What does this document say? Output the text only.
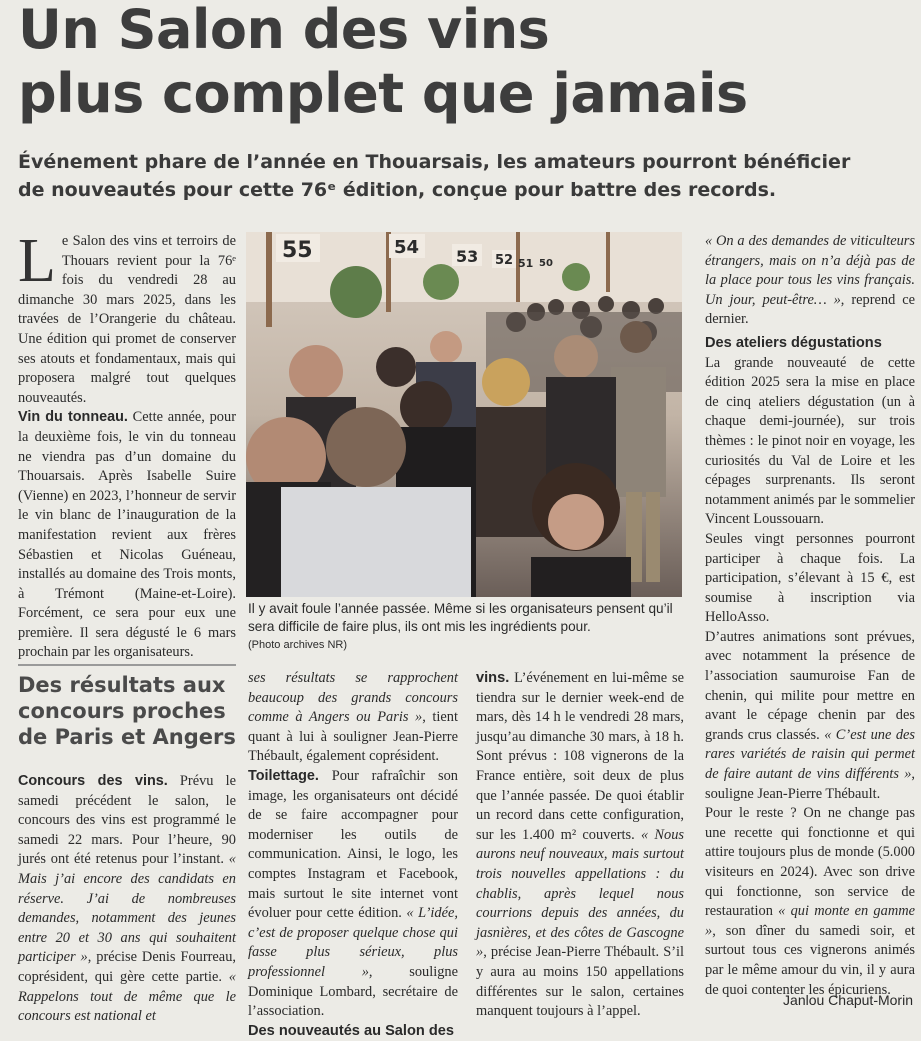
Un Salon des vins
plus complet que jamais
Événement phare de l’année en Thouarsais, les amateurs pourront bénéficier
de nouveautés pour cette 76ᵉ édition, conçue pour battre des records.

Le Salon des vins et terroirs de Thouars revient pour la 76ᵉ fois du vendredi 28 au dimanche 30 mars 2025, dans les travées de l’Orangerie du château. Une édition qui promet de conserver ses atouts et fondamentaux, mais qui proposera malgré tout quelques nouveautés.

Vin du tonneau. Cette année, pour la deuxième fois, le vin du tonneau ne viendra pas d’un domaine du Thouarsais. Après Isabelle Suire (Vienne) en 2023, l’honneur de servir le vin blanc de l’inauguration de la manifestation revient aux frères Sébastien et Nicolas Guéneau, installés au domaine des Trois monts, à Trémont (Maine-et-Loire). Forcément, ce sera pour eux une première. Il sera dégusté le 6 mars prochain par les organisateurs.

55	54 53 52 51 50
Il y avait foule l’année passée. Même si les organisateurs pensent qu’il sera difficile de faire plus, ils ont mis les ingrédients pour.
(Photo archives NR)
Des résultats aux concours proches de Paris et Angers

Concours des vins. Prévu le samedi précédent le salon, le concours des vins est programmé le samedi 22 mars. Pour l’heure, 90 jurés ont été retenus pour l’instant. « Mais j’ai encore des candidats en réserve. J’ai de nombreuses demandes, notamment des jeunes entre 20 et 30 ans qui souhaitent participer », précise Denis Fourreau, coprésident, qui gère cette partie. « Rappelons tout de même que le concours est national et

ses résultats se rapprochent beaucoup des grands concours comme à Angers ou Paris », tient quant à lui à souligner Jean-Pierre Thébault, également coprésident.

Toilettage. Pour rafraîchir son image, les organisateurs ont décidé de se faire accompagner pour moderniser les outils de communication. Ainsi, le logo, les comptes Instagram et Facebook, mais surtout le site internet vont évoluer pour cette édition. « L’idée, c’est de proposer quelque chose qui fasse plus sérieux, plus professionnel », souligne Dominique Lombard, secrétaire de l’association.

Des nouveautés au Salon des

vins. L’événement en lui-même se tiendra sur le dernier week-end de mars, dès 14 h le vendredi 28 mars, jusqu’au dimanche 30 mars, à 18 h. Sont prévus : 108 vignerons de la France entière, soit deux de plus que l’année passée. De quoi établir un record dans cette configuration, sur les 1.400 m² couverts. « Nous aurons neuf nouveaux, mais surtout trois nouvelles appellations : du chablis, après lequel nous courrions depuis des années, du jasnières, et des côtes de Gascogne », précise Jean-Pierre Thébault. S’il y aura au moins 150 appellations différentes sur le salon, certaines manquent toujours à l’appel.

« On a des demandes de viticulteurs étrangers, mais on n’a déjà pas de la place pour tous les vins français. Un jour, peut-être… », reprend ce dernier.

Des ateliers dégustations

La grande nouveauté de cette édition 2025 sera la mise en place de cinq ateliers dégustation (un à chaque demi-journée), sur trois thèmes : le pinot noir en voyage, les curiosités du Val de Loire et les cépages surprenants. Ils seront notamment animés par le sommelier Vincent Loussouarn.

Seules vingt personnes pourront participer à chaque fois. La participation, s’élevant à 15 €, est soumise à inscription via HelloAsso.

D’autres animations sont prévues, avec notamment la présence de l’association saumuroise Fan de chenin, qui milite pour mettre en avant le cépage chenin par des grands crus classés. « C’est une des rares variétés de raisin qui permet de faire autant de vins différents », souligne Jean-Pierre Thébault.

Pour le reste ? On ne change pas une recette qui fonctionne et qui attire toujours plus de monde (5.000 visiteurs en 2024). Avec son drive qui fonctionne, son service de restauration « qui monte en gamme », son dîner du samedi soir, et surtout tous ces vignerons animés par le même amour du vin, il y aura de quoi contenter les épicuriens.

Janlou Chaput-Morin
